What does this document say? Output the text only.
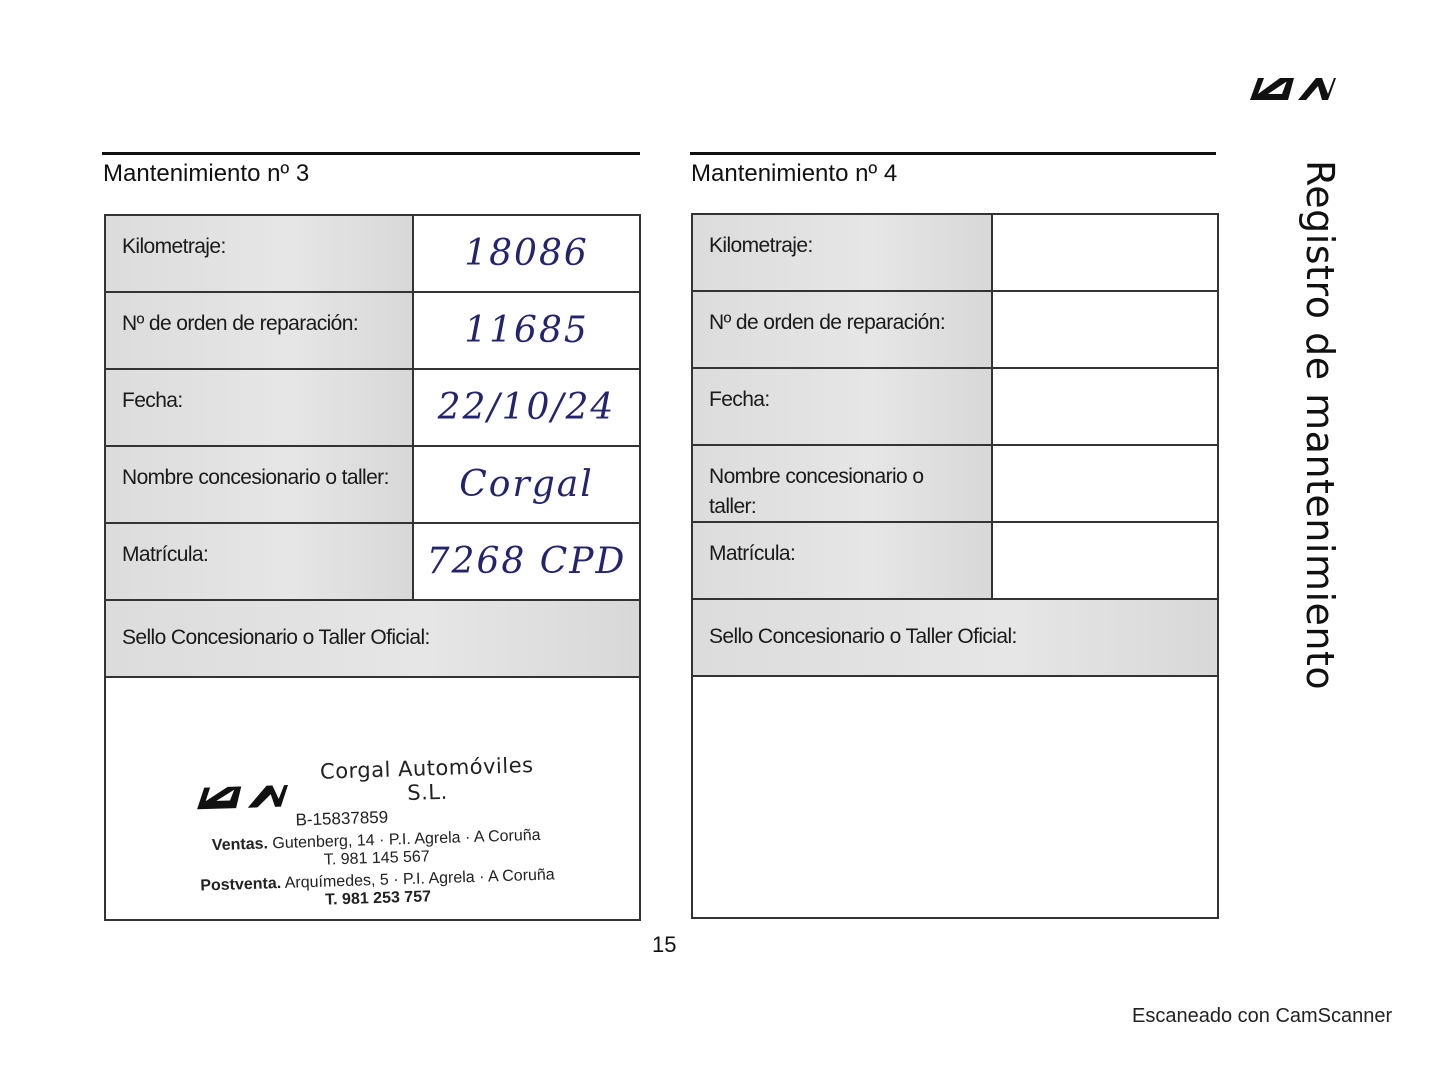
Registro de mantenimiento
Mantenimiento nº 3	Mantenimiento nº 4
Kilometraje:	18086
Nº de orden de reparación:	11685
Fecha:	22/10/24
Nombre concesionario o taller:	Corgal
Matrícula:	7268 CPD
Sello Concesionario o Taller Oficial:
Corgal Automóviles S.L.
B-15837859
Ventas. Gutenberg, 14 · P.I. Agrela · A Coruña
T. 981 145 567
Postventa. Arquímedes, 5 · P.I. Agrela · A Coruña
T. 981 253 757
Kilometraje:
Nº de orden de reparación:
Fecha:
Nombre concesionario o taller:
Matrícula:
Sello Concesionario o Taller Oficial:
15
Escaneado con CamScanner
